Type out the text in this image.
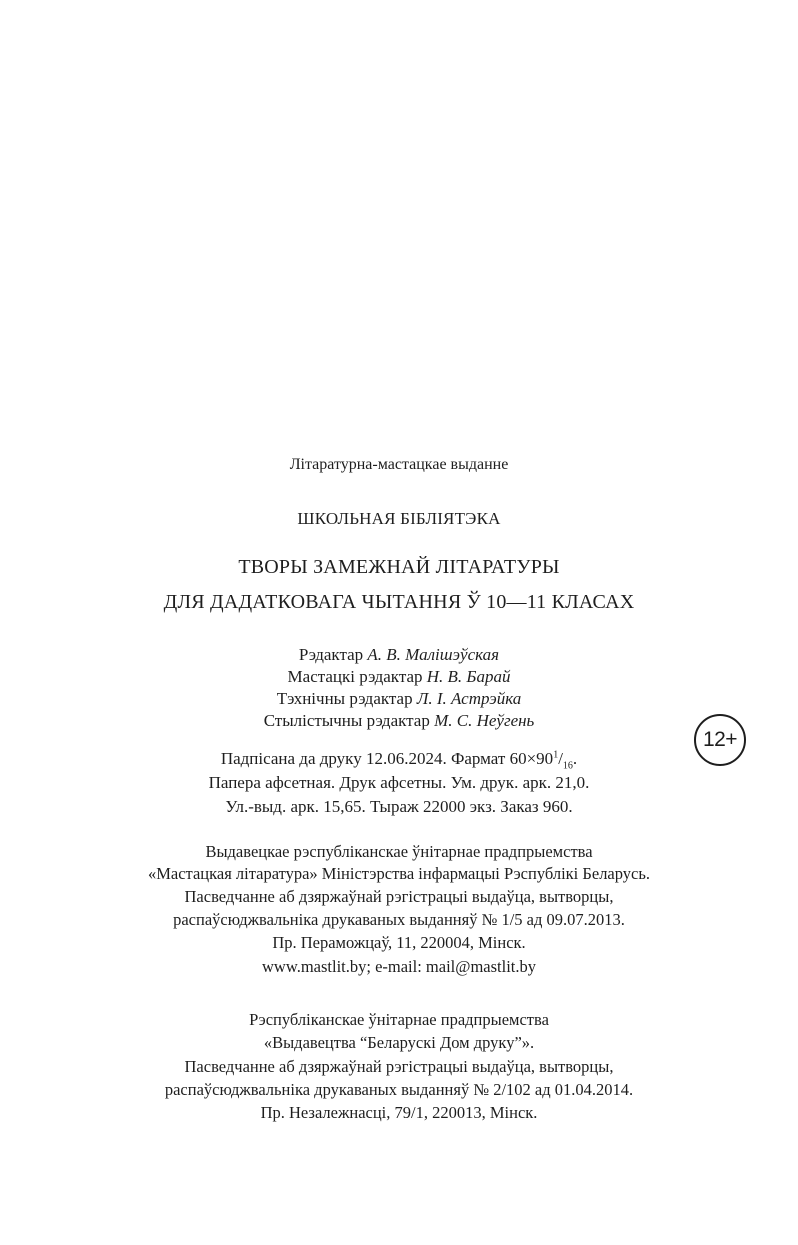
Літаратурна-мастацкае выданне
ШКОЛЬНАЯ БІБЛІЯТЭКА
ТВОРЫ ЗАМЕЖНАЙ ЛІТАРАТУРЫ
ДЛЯ ДАДАТКОВАГА ЧЫТАННЯ Ў 10—11 КЛАСАХ
Рэдактар А. В. Малішэўская
Мастацкі рэдактар Н. В. Барай
Тэхнічны рэдактар Л. І. Астрэйка
Стылістычны рэдактар М. С. Неўгень
12+
Падпісана да друку 12.06.2024. Фармат $60\times 90^1/_{16}$.
Папера афсетная. Друк афсетны. Ум. друк. арк. 21,0.
Ул.-выд. арк. 15,65. Тыраж 22000 экз. Заказ 960.
Выдавецкае рэспубліканскае ўнітарнае прадпрыемства
«Мастацкая літаратура» Міністэрства інфармацыі Рэспублікі Беларусь.
Пасведчанне аб дзяржаўнай рэгістрацыі выдаўца, вытворцы,
распаўсюджвальніка друкаваных выданняў № 1/5 ад 09.07.2013.
Пр. Пераможцаў, 11, 220004, Мінск.
www.mastlit.by; e-mail: mail@mastlit.by
Рэспубліканскае ўнітарнае прадпрыемства
«Выдавецтва “Беларускі Дом друку”».
Пасведчанне аб дзяржаўнай рэгістрацыі выдаўца, вытворцы,
распаўсюджвальніка друкаваных выданняў № 2/102 ад 01.04.2014.
Пр. Незалежнасці, 79/1, 220013, Мінск.
